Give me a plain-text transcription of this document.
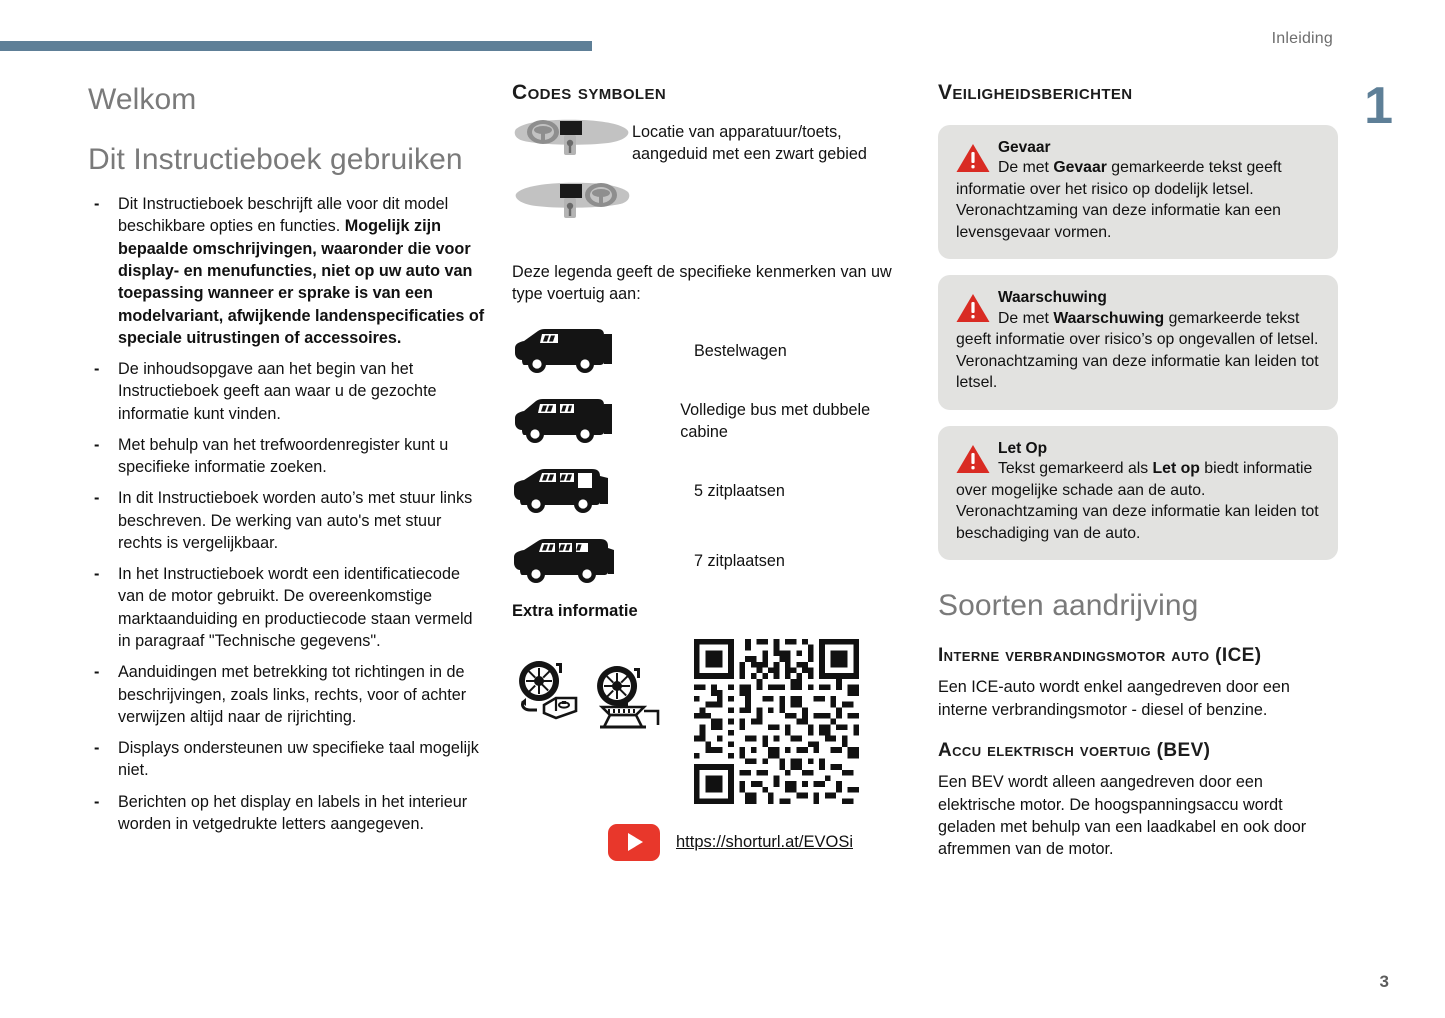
Inleiding
1
3
Welkom
Dit Instructieboek gebruiken
- Dit Instructieboek beschrijft alle voor dit model beschikbare opties en functies. Mogelijk zijn bepaalde omschrijvingen, waaronder die voor display- en menufuncties, niet op uw auto van toepassing wanneer er sprake is van een modelvariant, afwijkende landenspecificaties of speciale uitrustingen of accessoires.
- De inhoudsopgave aan het begin van het Instructieboek geeft aan waar u de gezochte informatie kunt vinden.
- Met behulp van het trefwoordenregister kunt u specifieke informatie zoeken.
- In dit Instructieboek worden auto’s met stuur links beschreven. De werking van auto's met stuur rechts is vergelijkbaar.
- In het Instructieboek wordt een identificatiecode van de motor gebruikt. De overeenkomstige marktaanduiding en productiecode staan vermeld in paragraaf "Technische gegevens".
- Aanduidingen met betrekking tot richtingen in de beschrijvingen, zoals links, rechts, voor of achter verwijzen altijd naar de rijrichting.
- Displays ondersteunen uw specifieke taal mogelijk niet.
- Berichten op het display en labels in het interieur worden in vetgedrukte letters aangegeven.
Codes symbolen

Locatie van apparatuur/toets, aangeduid met een zwart gebied
Deze legenda geeft de specifieke kenmerken van uw type voertuig aan:
Bestelwagen
Volledige bus met dubbele cabine
5 zitplaatsen
7 zitplaatsen
Extra informatie
https://shorturl.at/EVOSi
Veiligheidsberichten
Gevaar
De met Gevaar gemarkeerde tekst geeft informatie over het risico op dodelijk letsel. Veronachtzaming van deze informatie kan een levensgevaar vormen.
Waarschuwing
De met Waarschuwing gemarkeerde tekst geeft informatie over risico’s op ongevallen of letsel. Veronachtzaming van deze informatie kan leiden tot letsel.
Let Op
Tekst gemarkeerd als Let op biedt informatie over mogelijke schade aan de auto. Veronachtzaming van deze informatie kan leiden tot beschadiging van de auto.
Soorten aandrijving
Interne verbrandingsmotor auto (ICE)

Een ICE-auto wordt enkel aangedreven door een interne verbrandingsmotor - diesel of benzine.

Accu elektrisch voertuig (BEV)

Een BEV wordt alleen aangedreven door een elektrische motor. De hoogspanningsaccu wordt geladen met behulp van een laadkabel en ook door afremmen van de motor.
